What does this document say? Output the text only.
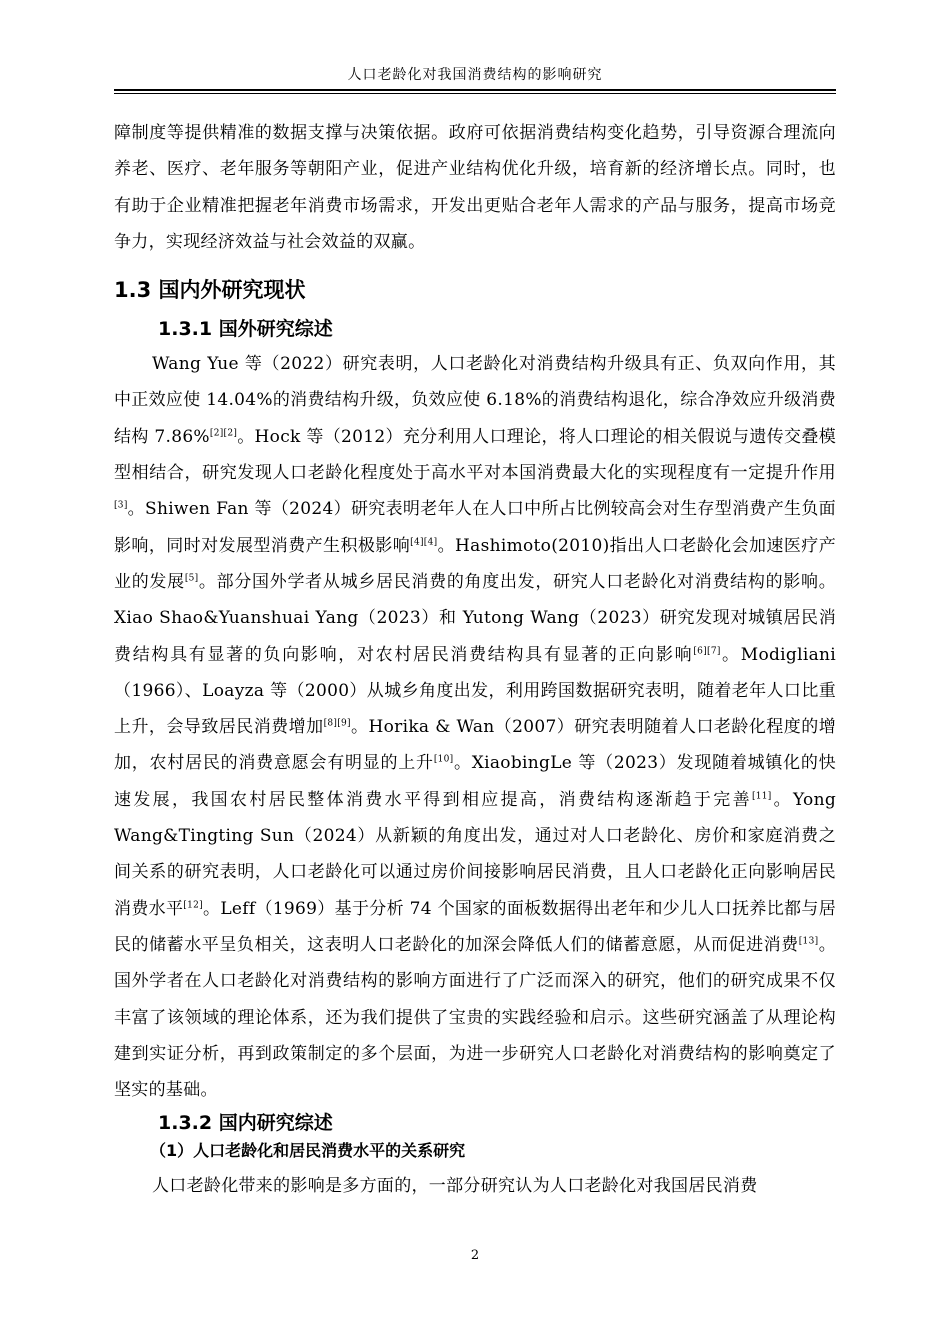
人口老龄化对我国消费结构的影响研究

障制度等提供精准的数据支撑与决策依据。政府可依据消费结构变化趋势，引导资源合理流向养老、医疗、老年服务等朝阳产业，促进产业结构优化升级，培育新的经济增长点。同时，也有助于企业精准把握老年消费市场需求，开发出更贴合老年人需求的产品与服务，提高市场竞争力，实现经济效益与社会效益的双赢。

1.3 国内外研究现状
1.3.1 国外研究综述

Wang Yue 等（2022）研究表明，人口老龄化对消费结构升级具有正、负双向作用，其中正效应使 14.04%的消费结构升级，负效应使 6.18%的消费结构退化，综合净效应升级消费结构 7.86%[2][2]。Hock 等（2012）充分利用人口理论，将人口理论的相关假说与遗传交叠模型相结合，研究发现人口老龄化程度处于高水平对本国消费最大化的实现程度有一定提升作用[3]。Shiwen Fan 等（2024）研究表明老年人在人口中所占比例较高会对生存型消费产生负面影响，同时对发展型消费产生积极影响[4][4]。Hashimoto(2010)指出人口老龄化会加速医疗产业的发展[5]。部分国外学者从城乡居民消费的角度出发，研究人口老龄化对消费结构的影响。Xiao Shao&Yuanshuai Yang（2023）和 Yutong Wang（2023）研究发现对城镇居民消费结构具有显著的负向影响，对农村居民消费结构具有显著的正向影响[6][7]。Modigliani（1966）、Loayza 等（2000）从城乡角度出发，利用跨国数据研究表明，随着老年人口比重上升，会导致居民消费增加[8][9]。Horika & Wan（2007）研究表明随着人口老龄化程度的增加，农村居民的消费意愿会有明显的上升[10]。XiaobingLe 等（2023）发现随着城镇化的快速发展，我国农村居民整体消费水平得到相应提高，消费结构逐渐趋于完善[11]。Yong Wang&Tingting Sun（2024）从新颖的角度出发，通过对人口老龄化、房价和家庭消费之间关系的研究表明，人口老龄化可以通过房价间接影响居民消费，且人口老龄化正向影响居民消费水平[12]。Leff（1969）基于分析 74 个国家的面板数据得出老年和少儿人口抚养比都与居民的储蓄水平呈负相关，这表明人口老龄化的加深会降低人们的储蓄意愿，从而促进消费[13]。国外学者在人口老龄化对消费结构的影响方面进行了广泛而深入的研究，他们的研究成果不仅丰富了该领域的理论体系，还为我们提供了宝贵的实践经验和启示。这些研究涵盖了从理论构建到实证分析，再到政策制定的多个层面，为进一步研究人口老龄化对消费结构的影响奠定了坚实的基础。

1.3.2 国内研究综述
（1）人口老龄化和居民消费水平的关系研究

人口老龄化带来的影响是多方面的，一部分研究认为人口老龄化对我国居民消费

2
